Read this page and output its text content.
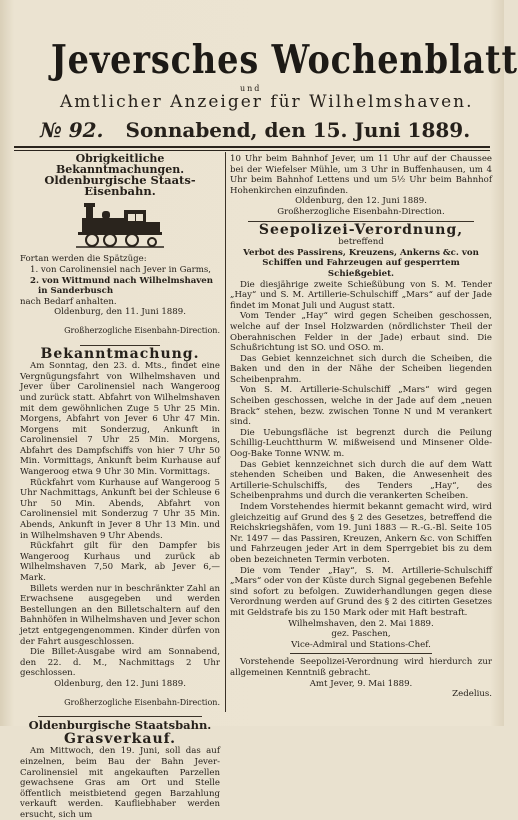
Jeversches Wochenblatt
und
Amtlicher Anzeiger für Wilhelmshaven.
№ 92. Sonnabend, den 15. Juni 1889.
Obrigkeitliche Bekanntmachungen.
Oldenburgische Staats-Eisenbahn.

Fortan werden die Spätzüge:

1. von Carolinensiel nach Jever in Garms,
2. von Wittmund nach Wilhelmshaven in Sanderbusch

nach Bedarf anhalten.

Oldenburg, den 11. Juni 1889.

Großherzogliche Eisenbahn-Direction.

Bekanntmachung.

Am Sonntag, den 23. d. Mts., findet eine Vergnügungsfahrt von Wilhelmshaven und Jever über Carolinensiel nach Wangeroog und zurück statt. Abfahrt von Wilhelmshaven mit dem gewöhnlichen Zuge 5 Uhr 25 Min. Morgens, Abfahrt von Jever 6 Uhr 47 Min. Morgens mit Sonderzug, Ankunft in Carolinensiel 7 Uhr 25 Min. Morgens, Abfahrt des Dampfschiffs von hier 7 Uhr 50 Min. Vormittags, Ankunft beim Kurhause auf Wangeroog etwa 9 Uhr 30 Min. Vormittags.

Rückfahrt vom Kurhause auf Wangeroog 5 Uhr Nachmittags, Ankunft bei der Schleuse 6 Uhr 50 Min. Abends, Abfahrt von Carolinensiel mit Sonderzug 7 Uhr 35 Min. Abends, Ankunft in Jever 8 Uhr 13 Min. und in Wilhelmshaven 9 Uhr Abends.

Rückfahrt gilt für den Dampfer bis Wangeroog Kurhaus und zurück ab Wilhelmshaven 7,50 Mark, ab Jever 6,— Mark.

Billets werden nur in beschränkter Zahl an Erwachsene ausgegeben und werden Bestellungen an den Billetschaltern auf den Bahnhöfen in Wilhelmshaven und Jever schon jetzt entgegengenommen. Kinder dürfen von der Fahrt ausgeschlossen.

Die Billet-Ausgabe wird am Sonnabend, den 22. d. M., Nachmittags 2 Uhr geschlossen.

Oldenburg, den 12. Juni 1889.

Großherzogliche Eisenbahn-Direction.

Oldenburgische Staatsbahn.
Grasverkauf.

Am Mittwoch, den 19. Juni, soll das auf einzelnen, beim Bau der Bahn Jever-Carolinensiel mit angekauften Parzellen gewachsene Gras am Ort und Stelle öffentlich meistbietend gegen Barzahlung verkauft werden. Kaufliebhaber werden ersucht, sich um

10 Uhr beim Bahnhof Jever, um 11 Uhr auf der Chaussee bei der Wiefelser Mühle, um 3 Uhr in Buffenhausen, um 4 Uhr beim Bahnhof Lettens und um 5½ Uhr beim Bahnhof Hohenkirchen einzufinden.

Oldenburg, den 12. Juni 1889.

Großherzogliche Eisenbahn-Direction.

Seepolizei-Verordnung,

betreffend

Verbot des Passirens, Kreuzens, Ankerns &c. von Schiffen und Fahrzeugen auf gesperrtem Schießgebiet.

Die diesjährige zweite Schießübung von S. M. Tender „Hay“ und S. M. Artillerie-Schulschiff „Mars“ auf der Jade findet im Monat Juli und August statt.

Vom Tender „Hay“ wird gegen Scheiben geschossen, welche auf der Insel Holzwarden (nördlichster Theil der Oberahnischen Felder in der Jade) erbaut sind. Die Schußrichtung ist SO. und OSO. m.

Das Gebiet kennzeichnet sich durch die Scheiben, die Baken und den in der Nähe der Scheiben liegenden Scheibenprahm.

Von S. M. Artillerie-Schulschiff „Mars“ wird gegen Scheiben geschossen, welche in der Jade auf dem „neuen Brack“ stehen, bezw. zwischen Tonne N und M verankert sind.

Die Uebungsfläche ist begrenzt durch die Peilung Schillig-Leuchtthurm W. mißweisend und Minsener Olde-Oog-Bake Tonne WNW. m.

Das Gebiet kennzeichnet sich durch die auf dem Watt stehenden Scheiben und Baken, die Anwesenheit des Artillerie-Schulschiffs, des Tenders „Hay“, des Scheibenprahms und durch die verankerten Scheiben.

Indem Vorstehendes hiermit bekannt gemacht wird, wird gleichzeitig auf Grund des § 2 des Gesetzes, betreffend die Reichskriegshäfen, vom 19. Juni 1883 — R.-G.-Bl. Seite 105 Nr. 1497 — das Passiren, Kreuzen, Ankern &c. von Schiffen und Fahrzeugen jeder Art in dem Sperrgebiet bis zu dem oben bezeichneten Termin verboten.

Die vom Tender „Hay“, S. M. Artillerie-Schulschiff „Mars“ oder von der Küste durch Signal gegebenen Befehle sind sofort zu befolgen. Zuwiderhandlungen gegen diese Verordnung werden auf Grund des § 2 des citirten Gesetzes mit Geldstrafe bis zu 150 Mark oder mit Haft bestraft.

Wilhelmshaven, den 2. Mai 1889.

gez. Paschen,

Vice-Admiral und Stations-Chef.

Vorstehende Seepolizei-Verordnung wird hierdurch zur allgemeinen Kenntniß gebracht.

Amt Jever, 9. Mai 1889.

Zedelius.
